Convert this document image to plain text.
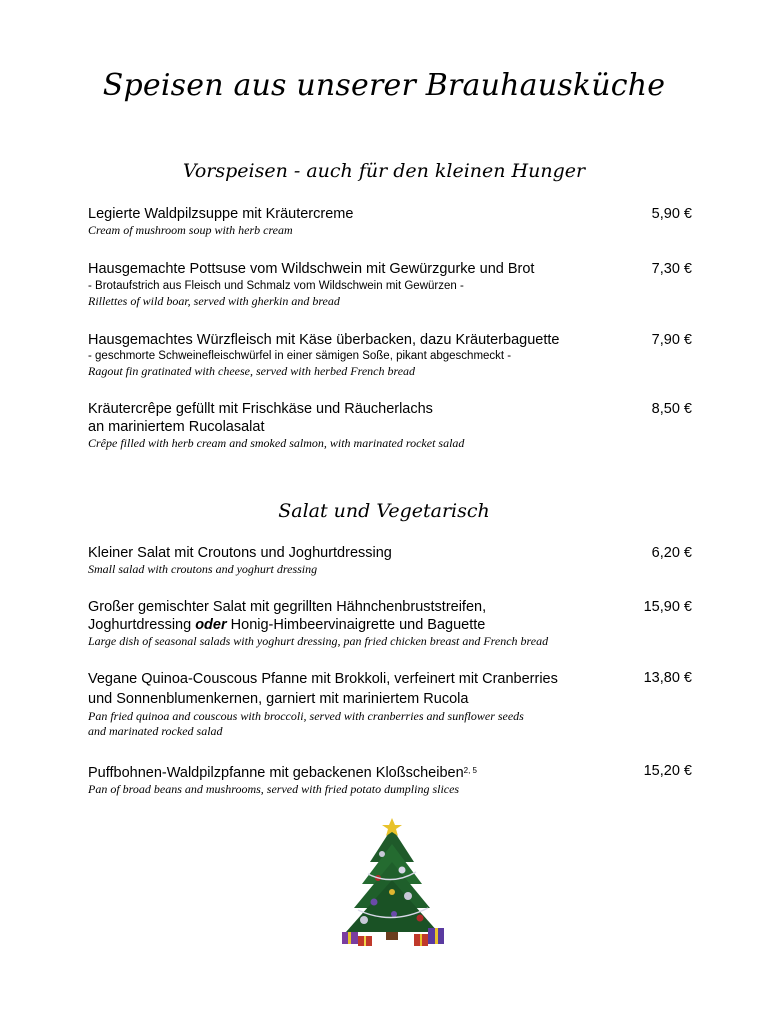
Speisen aus unserer Brauhausküche
Vorspeisen - auch für den kleinen Hunger
Legierte Waldpilzsuppe mit Kräutercreme
Cream of mushroom soup with herb cream
5,90 €
Hausgemachte Pottsuse vom Wildschwein mit Gewürzgurke und Brot
- Brotaufstrich aus Fleisch und Schmalz vom Wildschwein mit Gewürzen -
Rillettes of wild boar, served with gherkin and bread
7,30 €
Hausgemachtes Würzfleisch mit Käse überbacken, dazu Kräuterbaguette
- geschmorte Schweinefleischwürfel in einer sämigen Soße, pikant abgeschmeckt -
Ragout fin gratinated with cheese, served with herbed French bread
7,90 €
Kräutercrêpe gefüllt mit Frischkäse und Räucherlachs
an mariniertem Rucolasalat
Crêpe filled with herb cream and smoked salmon, with marinated rocket salad
8,50 €
Salat und Vegetarisch
Kleiner Salat mit Croutons und Joghurtdressing
Small salad with croutons and yoghurt dressing
6,20 €
Großer gemischter Salat mit gegrillten Hähnchenbruststreifen,
Joghurtdressing oder Honig-Himbeervinaigrette und Baguette
Large dish of seasonal salads with yoghurt dressing, pan fried chicken breast and French bread
15,90 €
Vegane Quinoa-Couscous Pfanne mit Brokkoli, verfeinert mit Cranberries
und Sonnenblumenkernen, garniert mit mariniertem Rucola
Pan fried quinoa and couscous with broccoli, served with cranberries and sunflower seeds
and marinated rocked salad
13,80 €
Puffbohnen-Waldpilzpfanne mit gebackenen Kloßscheiben$^{2, 5}$
Pan of broad beans and mushrooms, served with fried potato dumpling slices
15,20 €
